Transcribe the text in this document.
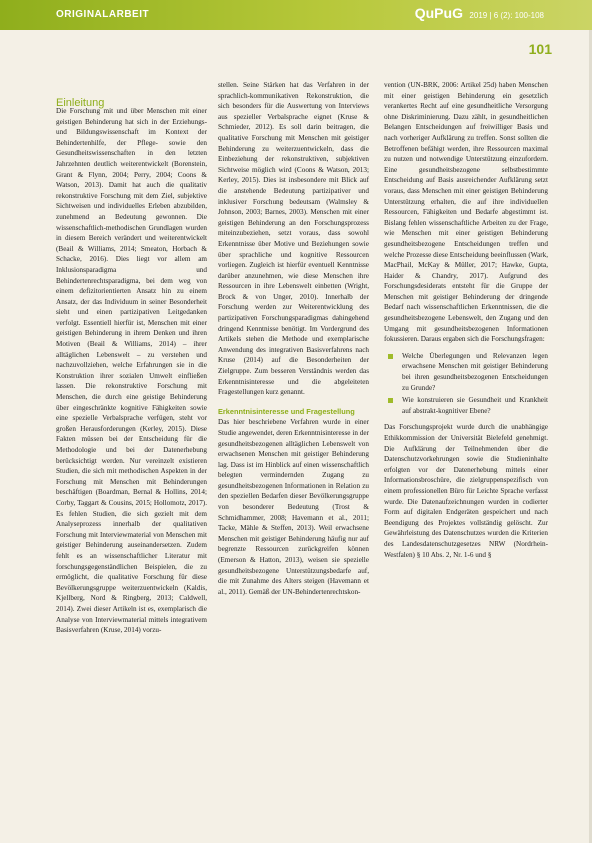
ORIGINALARBEIT	QuPuG 2019 | 6 (2): 100-108
101
Einleitung

Die Forschung mit und über Menschen mit einer geistigen Behinderung hat sich in der Erziehungs- und Bildungswissenschaft im Kontext der Behindertenhilfe, der Pflege- sowie den Gesundheitswissenschaften in den letzten Jahrzehnten deutlich weiterentwickelt (Borenstein, Grant & Flynn, 2004; Perry, 2004; Coons & Watson, 2013). Damit hat auch die qualitativ rekonstruktive Forschung mit dem Ziel, subjektive Sichtweisen und individuelles Erleben abzubilden, zunehmend an Bedeutung gewonnen. Die wissenschaftlich-methodischen Grundlagen wurden in diesem Bereich verändert und weiterentwickelt (Beail & Williams, 2014; Smeaton, Horbach & Schacke, 2016). Dies liegt vor allem am Inklusionsparadigma und Behindertenrechtsparadigma, bei dem weg von einem defizitorientierten Ansatz hin zu einem Ansatz, der das Individuum in seiner Besonderheit sieht und einen partizipativen Leitgedanken verfolgt. Essentiell hierfür ist, Menschen mit einer geistigen Behinderung in ihrem Denken und ihren Motiven (Beail & Williams, 2014) – ihrer alltäglichen Lebenswelt – zu verstehen und nachzuvollziehen, welche Erfahrungen sie in die Konstruktion ihrer sozialen Umwelt einfließen lassen. Die rekonstruktive Forschung mit Menschen, die durch eine geistige Behinderung über eingeschränkte kognitive Fähigkeiten sowie eine spezielle Verbalsprache verfügen, steht vor großen Herausforderungen (Kerley, 2015). Diese Fakten müssen bei der Entscheidung für die Methodologie und bei der Datenerhebung berücksichtigt werden. Nur vereinzelt existieren Studien, die sich mit methodischen Aspekten in der Forschung mit Menschen mit Behinderungen beschäftigen (Boardman, Bernal & Hollins, 2014; Corby, Taggart & Cousins, 2015; Hollomotz, 2017). Es fehlen Studien, die sich gezielt mit dem Analyseprozess innerhalb der qualitativen Forschung mit Interviewmaterial von Menschen mit geistiger Behinderung auseinandersetzen. Zudem fehlt es an wissenschaftlicher Literatur mit forschungsgegenständlichen Beispielen, die zu ermöglicht, die qualitative Forschung für diese Bevölkerungsgruppe weiterzuentwickeln (Kaldis, Kjellberg, Nord & Ringberg, 2013; Caldwell, 2014). Zwei dieser Artikeln ist es, exemplarisch die Analyse von Interviewmaterial mittels integrativem Basisverfahren (Kruse, 2014) vorzu-

stellen. Seine Stärken hat das Verfahren in der sprachlich-kommunikativen Rekonstruktion, die sich besonders für die Auswertung von Interviews aus spezieller Verbalsprache eignet (Kruse & Schmieder, 2012). Es soll darin beitragen, die qualitative Forschung mit Menschen mit geistiger Behinderung zu weiterzuentwickeln, dass die Einbeziehung der rekonstruktiven, subjektiven Sichtweise möglich wird (Coons & Watson, 2013; Kerley, 2015). Dies ist insbesondere mit Blick auf die anstehende Bedeutung partizipativer und inklusiver Forschung bedeutsam (Walmsley & Johnson, 2003; Barnes, 2003). Menschen mit einer geistigen Behinderung an den Forschungsprozess miteinzubeziehen, setzt voraus, dass sowohl Erkenntnisse über Motive und Beziehungen sowie über sprachliche und kognitive Ressourcen vorliegen. Zugleich ist hierfür eventuell Kenntnisse darüber anzunehmen, wie diese Menschen ihre Ressourcen in ihre Lebenswelt einbetten (Wright, Brock & von Unger, 2010). Innerhalb der Forschung werden zur Weiterentwicklung des partizipativen Forschungsparadigmas dahingehend dringend Kenntnisse benötigt. Im Vordergrund des Artikels stehen die Methode und exemplarische Anwendung des integrativen Basisverfahrens nach Kruse (2014) auf die Besonderheiten der Zielgruppe. Zum besseren Verständnis werden das Erkenntnisinteresse und die abgeleiteten Fragestellungen kurz genannt.

Erkenntnisinteresse und Fragestellung

Das hier beschriebene Verfahren wurde in einer Studie angewendet, deren Erkenntnisinteresse in der gesundheitsbezogenen alltäglichen Lebenswelt von erwachsenen Menschen mit geistiger Behinderung lag. Dass ist im Hinblick auf einen wissenschaftlich belegten vermindernden Zugang zu gesundheitsbezogenen Informationen in Relation zu den speziellen Bedarfen dieser Bevölkerungsgruppe von besonderer Bedeutung (Trost & Schmidhammer, 2008; Havemann et al., 2011; Tacke, Mähle & Steffen, 2013). Weil erwachsene Menschen mit geistiger Behinderung häufig nur auf begrenzte Ressourcen zurückgreifen können (Emerson & Hatton, 2013), weisen sie spezielle gesundheitsbezogene Unterstützungsbedarfe auf, die mit Zunahme des Alters steigen (Havemann et al., 2011). Gemäß der UN-Behindertenrechtskon-

vention (UN-BRK, 2006: Artikel 25d) haben Menschen mit einer geistigen Behinderung ein gesetzlich verankertes Recht auf eine gesundheitliche Versorgung ohne Diskriminierung. Dazu zählt, in gesundheitlichen Belangen Entscheidungen auf freiwilliger Basis und nach vorheriger Aufklärung zu treffen. Sonst sollten die Betroffenen befähigt werden, ihre Ressourcen maximal zu nutzen und notwendige Unterstützung einzufordern. Eine gesundheitsbezogene selbstbestimmte Entscheidung auf Basis ausreichender Aufklärung setzt voraus, dass Menschen mit einer geistigen Behinderung Unterstützung erhalten, die auf ihre individuellen Ressourcen, Fähigkeiten und Bedarfe abgestimmt ist. Bislang fehlen wissenschaftliche Arbeiten zu der Frage, wie Menschen mit einer geistigen Behinderung gesundheitsbezogene Entscheidungen treffen und welche Prozesse diese Entscheidung beeinflussen (Wark, MacPhail, McKay & Müller, 2017; Hawke, Gupta, Haider & Chandry, 2017). Aufgrund des Forschungsdesiderats entsteht für die Gruppe der Menschen mit geistiger Behinderung der dringende Bedarf nach wissenschaftlichen Erkenntnissen, die die gesundheitsbezogene Lebenswelt, den Zugang und den Umgang mit gesundheitsbezogenen Informationen fokussieren. Daraus ergaben sich die Forschungsfragen:

Welche Überlegungen und Relevanzen legen erwachsene Menschen mit geistiger Behinderung bei ihren gesundheitsbezogenen Entscheidungen zu Grunde?
Wie konstruieren sie Gesundheit und Krankheit auf abstrakt-kognitiver Ebene?

Das Forschungsprojekt wurde durch die unabhängige Ethikkommission der Universität Bielefeld genehmigt. Die Aufklärung der Teilnehmenden über die Datenschutzvorkehrungen sowie die Studieninhalte erfolgten vor der Datenerhebung mittels einer Informationsbroschüre, die zielgruppenspezifisch von einem professionellen Büro für Leichte Sprache verfasst wurde. Die Datenaufzeichnungen wurden in codierter Form auf digitalen Endgeräten gespeichert und nach Beendigung des Projektes vollständig gelöscht. Zur Gewährleistung des Datenschutzes wurden die Kriterien des Landesdatenschutzgesetzes NRW (Nordrhein-Westfalen) § 10 Abs. 2, Nr. 1-6 und §
